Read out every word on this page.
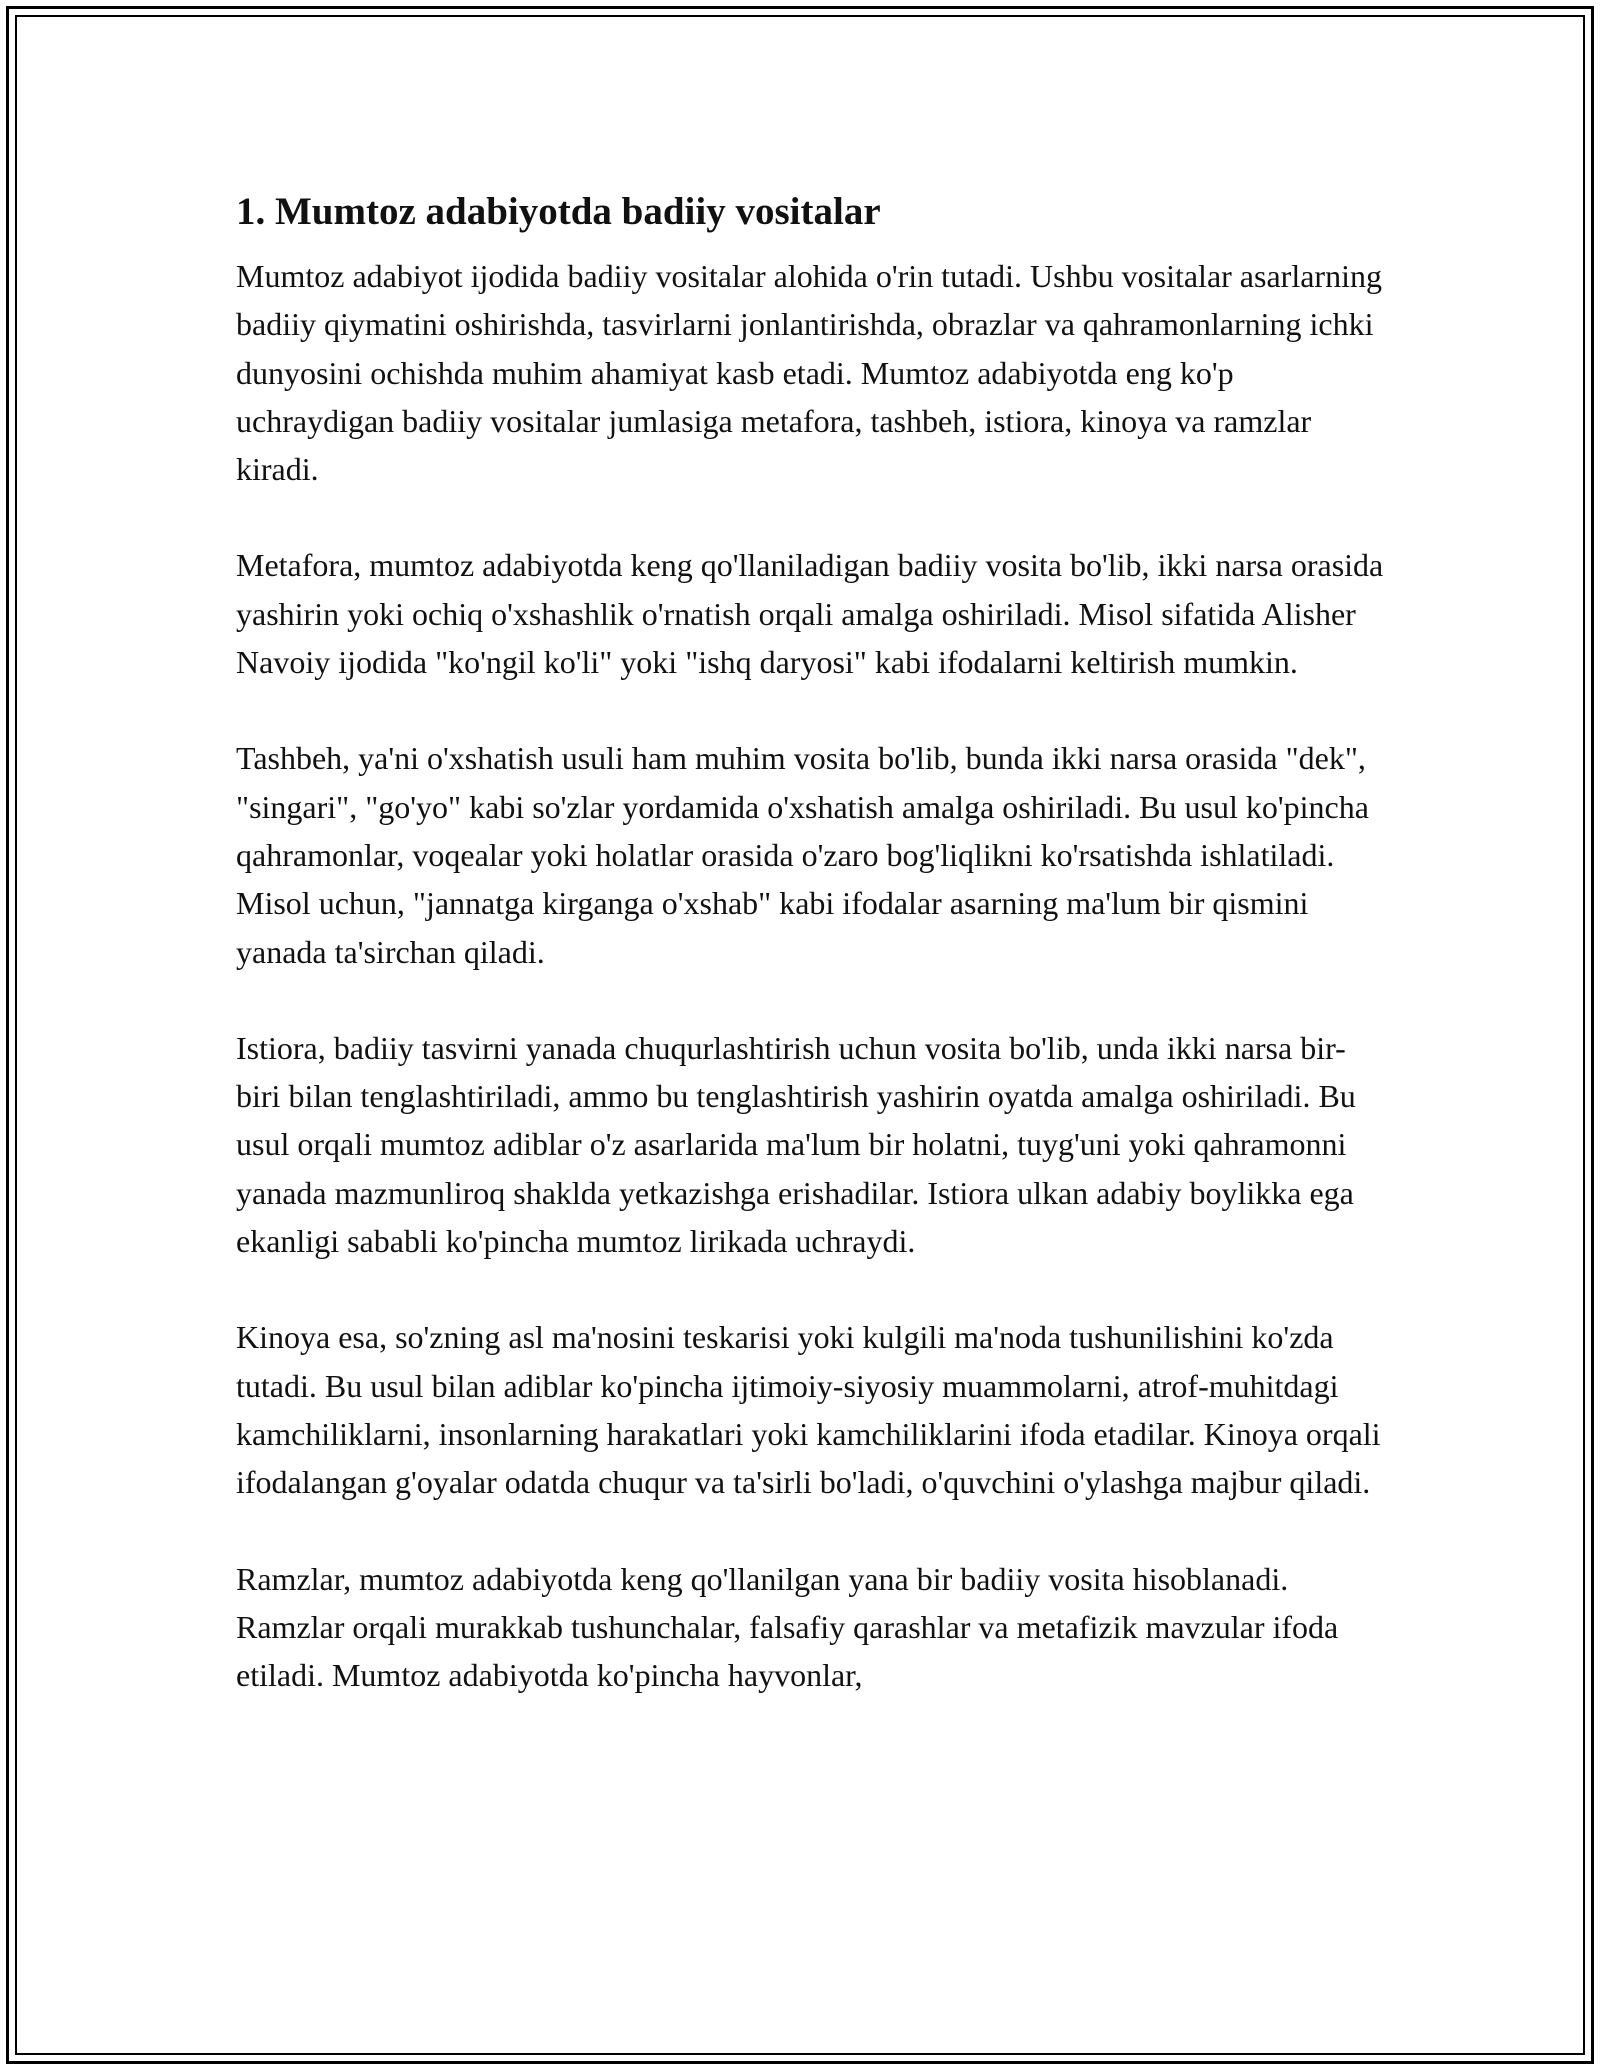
1. Mumtoz adabiyotda badiiy vositalar

Mumtoz adabiyot ijodida badiiy vositalar alohida o'rin tutadi. Ushbu vositalar asarlarning badiiy qiymatini oshirishda, tasvirlarni jonlantirishda, obrazlar va qahramonlarning ichki dunyosini ochishda muhim ahamiyat kasb etadi. Mumtoz adabiyotda eng ko'p uchraydigan badiiy vositalar jumlasiga metafora, tashbeh, istiora, kinoya va ramzlar kiradi.

Metafora, mumtoz adabiyotda keng qo'llaniladigan badiiy vosita bo'lib, ikki narsa orasida yashirin yoki ochiq o'xshashlik o'rnatish orqali amalga oshiriladi. Misol sifatida Alisher Navoiy ijodida "ko'ngil ko'li" yoki "ishq daryosi" kabi ifodalarni keltirish mumkin.

Tashbeh, ya'ni o'xshatish usuli ham muhim vosita bo'lib, bunda ikki narsa orasida "dek", "singari", "go'yo" kabi so'zlar yordamida o'xshatish amalga oshiriladi. Bu usul ko'pincha qahramonlar, voqealar yoki holatlar orasida o'zaro bog'liqlikni ko'rsatishda ishlatiladi. Misol uchun, "jannatga kirganga o'xshab" kabi ifodalar asarning ma'lum bir qismini yanada ta'sirchan qiladi.

Istiora, badiiy tasvirni yanada chuqurlashtirish uchun vosita bo'lib, unda ikki narsa bir-biri bilan tenglashtiriladi, ammo bu tenglashtirish yashirin oyatda amalga oshiriladi. Bu usul orqali mumtoz adiblar o'z asarlarida ma'lum bir holatni, tuyg'uni yoki qahramonni yanada mazmunliroq shaklda yetkazishga erishadilar. Istiora ulkan adabiy boylikka ega ekanligi sababli ko'pincha mumtoz lirikada uchraydi.

Kinoya esa, so'zning asl ma'nosini teskarisi yoki kulgili ma'noda tushunilishini ko'zda tutadi. Bu usul bilan adiblar ko'pincha ijtimoiy-siyosiy muammolarni, atrof-muhitdagi kamchiliklarni, insonlarning harakatlari yoki kamchiliklarini ifoda etadilar. Kinoya orqali ifodalangan g'oyalar odatda chuqur va ta'sirli bo'ladi, o'quvchini o'ylashga majbur qiladi.

Ramzlar, mumtoz adabiyotda keng qo'llanilgan yana bir badiiy vosita hisoblanadi. Ramzlar orqali murakkab tushunchalar, falsafiy qarashlar va metafizik mavzular ifoda etiladi. Mumtoz adabiyotda ko'pincha hayvonlar,
